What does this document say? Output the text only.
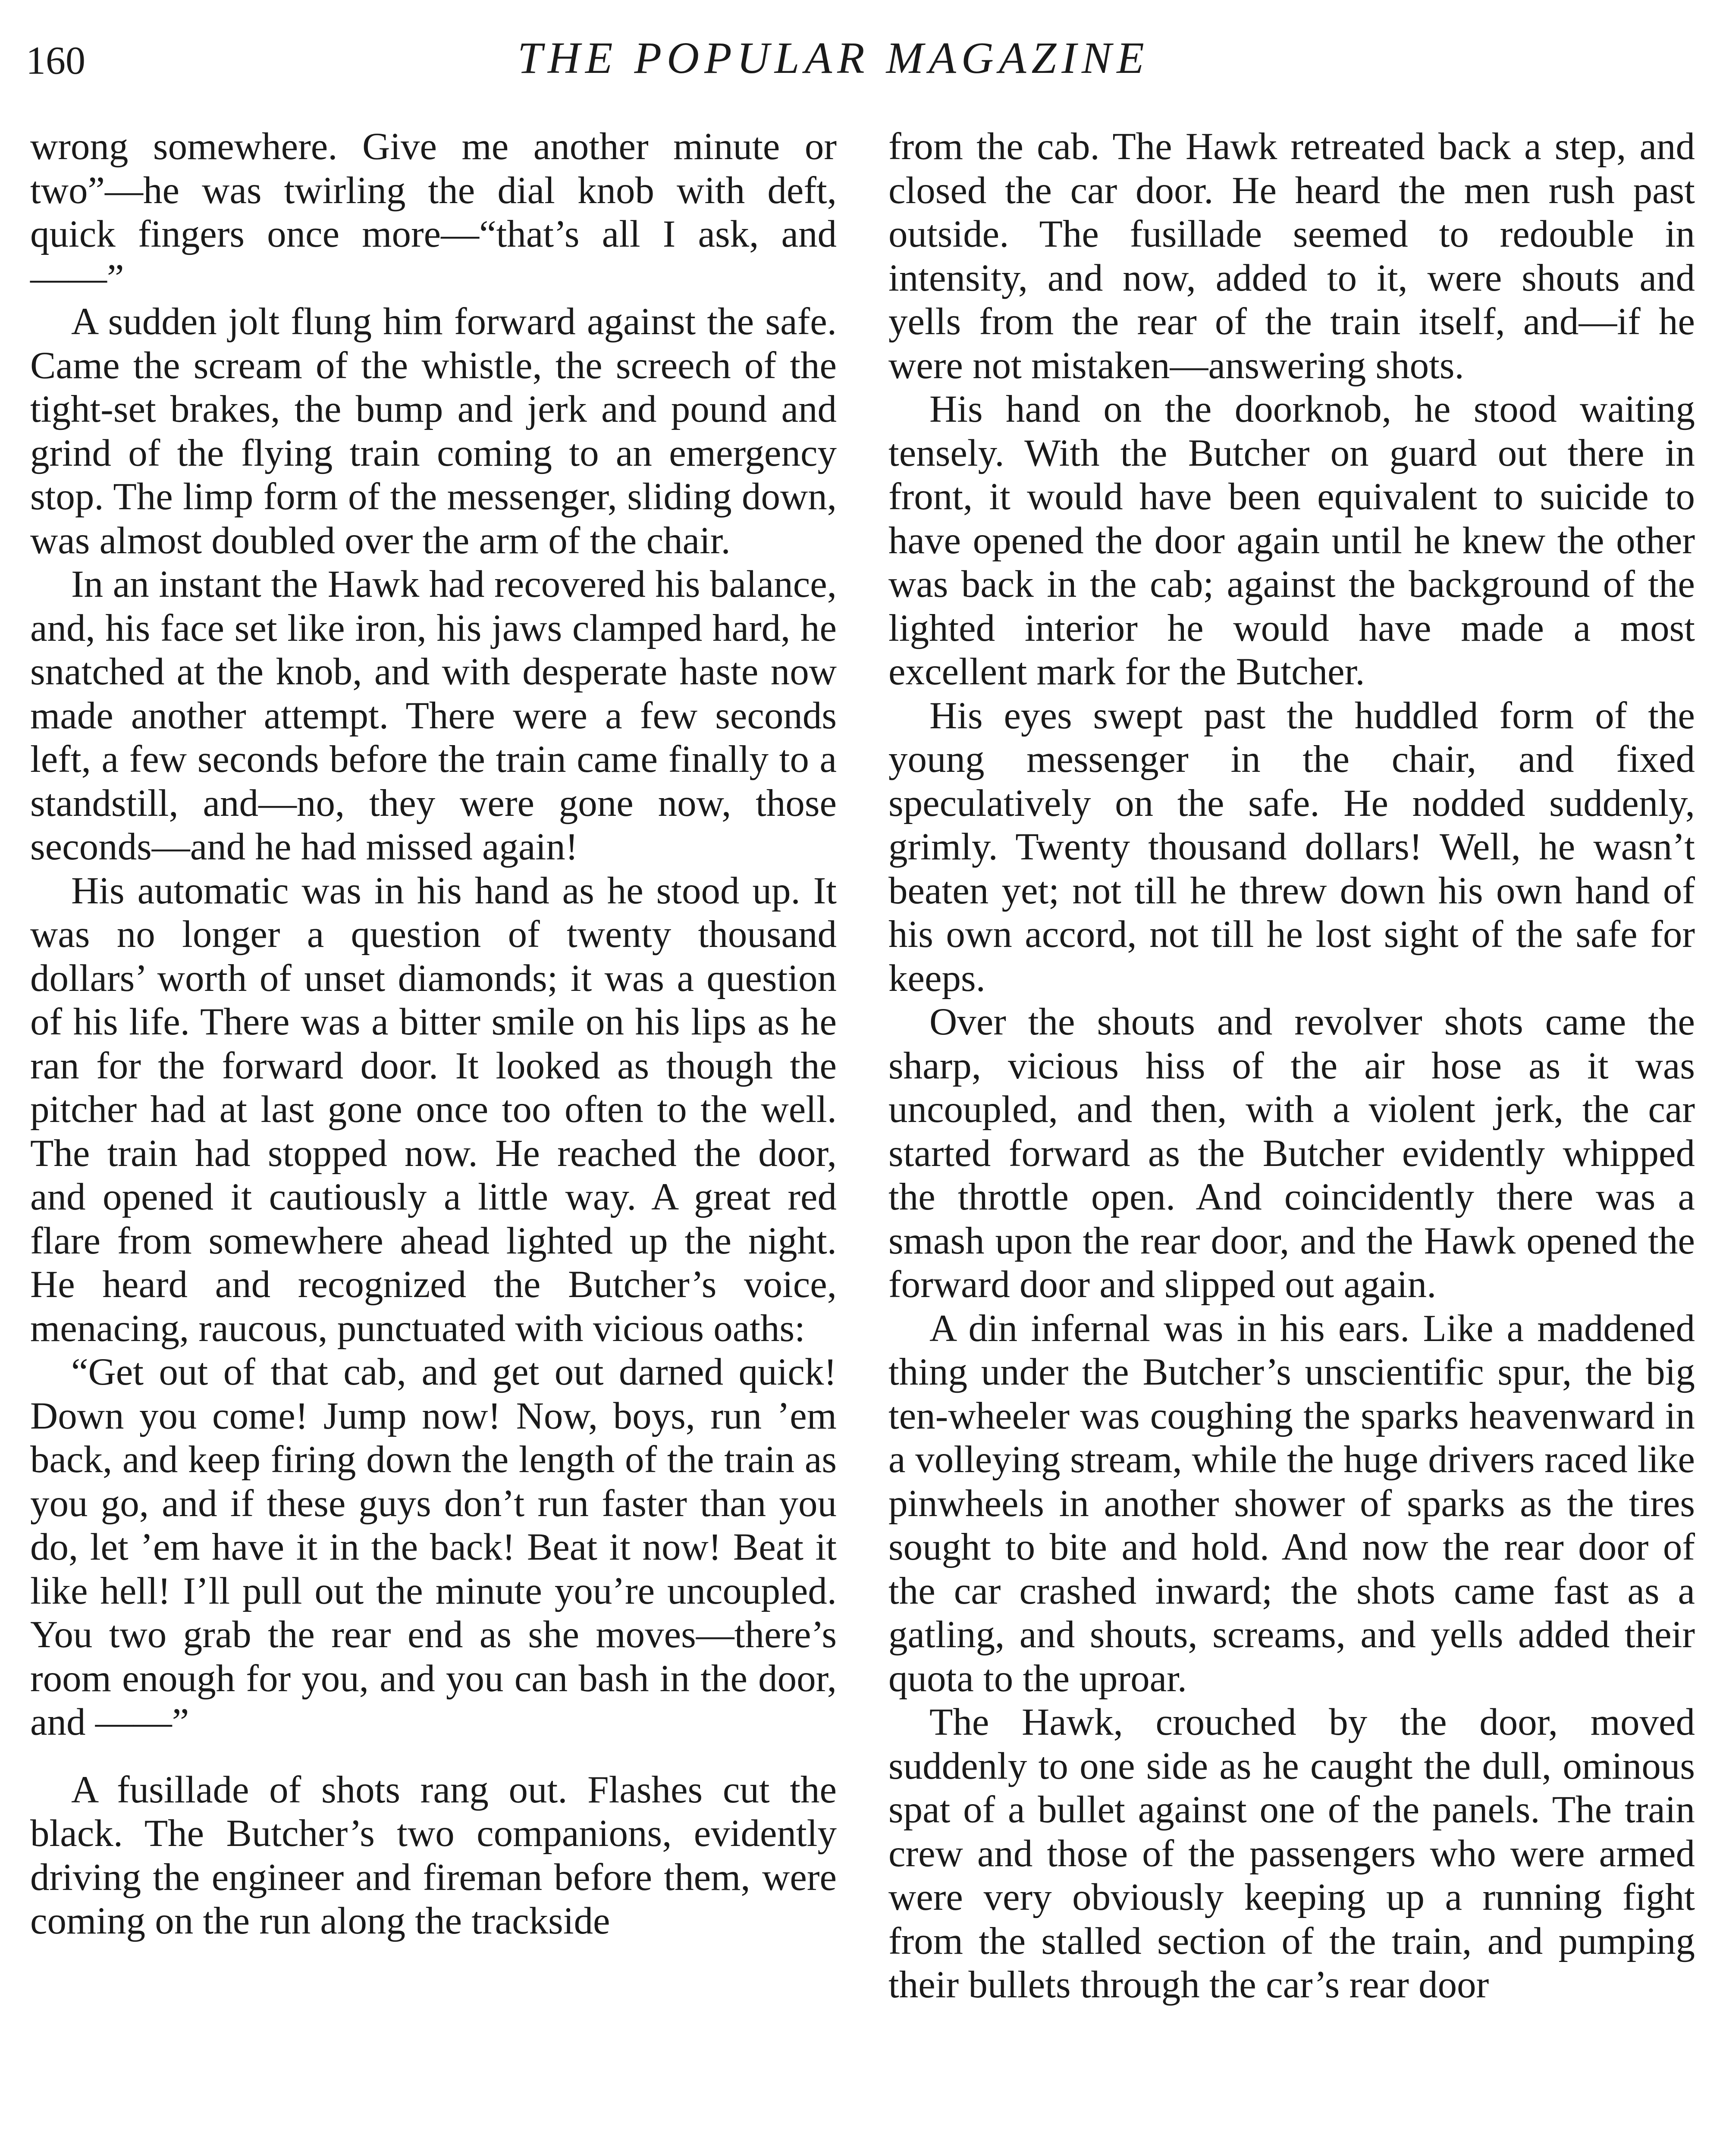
160	THE POPULAR MAGAZINE

wrong somewhere. Give me another minute or two”—he was twirling the dial knob with deft, quick fingers once more—“that’s all I ask, and——”

A sudden jolt flung him forward against the safe. Came the scream of the whistle, the screech of the tight-set brakes, the bump and jerk and pound and grind of the flying train coming to an emergency stop. The limp form of the messenger, sliding down, was almost doubled over the arm of the chair.

In an instant the Hawk had recovered his balance, and, his face set like iron, his jaws clamped hard, he snatched at the knob, and with desperate haste now made another attempt. There were a few seconds left, a few seconds before the train came finally to a standstill, and—no, they were gone now, those seconds—and he had missed again!

His automatic was in his hand as he stood up. It was no longer a question of twenty thousand dollars’ worth of unset diamonds; it was a question of his life. There was a bitter smile on his lips as he ran for the forward door. It looked as though the pitcher had at last gone once too often to the well. The train had stopped now. He reached the door, and opened it cautiously a little way. A great red flare from somewhere ahead lighted up the night. He heard and recognized the Butcher’s voice, menacing, raucous, punctuated with vicious oaths:

“Get out of that cab, and get out darned quick! Down you come! Jump now! Now, boys, run ’em back, and keep firing down the length of the train as you go, and if these guys don’t run faster than you do, let ’em have it in the back! Beat it now! Beat it like hell! I’ll pull out the minute you’re uncoupled. You two grab the rear end as she moves—there’s room enough for you, and you can bash in the door, and ——”

A fusillade of shots rang out. Flashes cut the black. The Butcher’s two companions, evidently driving the engineer and fireman before them, were coming on the run along the trackside

from the cab. The Hawk retreated back a step, and closed the car door. He heard the men rush past outside. The fusillade seemed to redouble in intensity, and now, added to it, were shouts and yells from the rear of the train itself, and—if he were not mistaken—answering shots.

His hand on the doorknob, he stood waiting tensely. With the Butcher on guard out there in front, it would have been equivalent to suicide to have opened the door again until he knew the other was back in the cab; against the background of the lighted interior he would have made a most excellent mark for the Butcher.

His eyes swept past the huddled form of the young messenger in the chair, and fixed speculatively on the safe. He nodded suddenly, grimly. Twenty thousand dollars! Well, he wasn’t beaten yet; not till he threw down his own hand of his own accord, not till he lost sight of the safe for keeps.

Over the shouts and revolver shots came the sharp, vicious hiss of the air hose as it was uncoupled, and then, with a violent jerk, the car started forward as the Butcher evidently whipped the throttle open. And coincidently there was a smash upon the rear door, and the Hawk opened the forward door and slipped out again.

A din infernal was in his ears. Like a maddened thing under the Butcher’s unscientific spur, the big ten-wheeler was coughing the sparks heavenward in a volleying stream, while the huge drivers raced like pinwheels in another shower of sparks as the tires sought to bite and hold. And now the rear door of the car crashed inward; the shots came fast as a gatling, and shouts, screams, and yells added their quota to the uproar.

The Hawk, crouched by the door, moved suddenly to one side as he caught the dull, ominous spat of a bullet against one of the panels. The train crew and those of the passengers who were armed were very obviously keeping up a running fight from the stalled section of the train, and pumping their bullets through the car’s rear door
